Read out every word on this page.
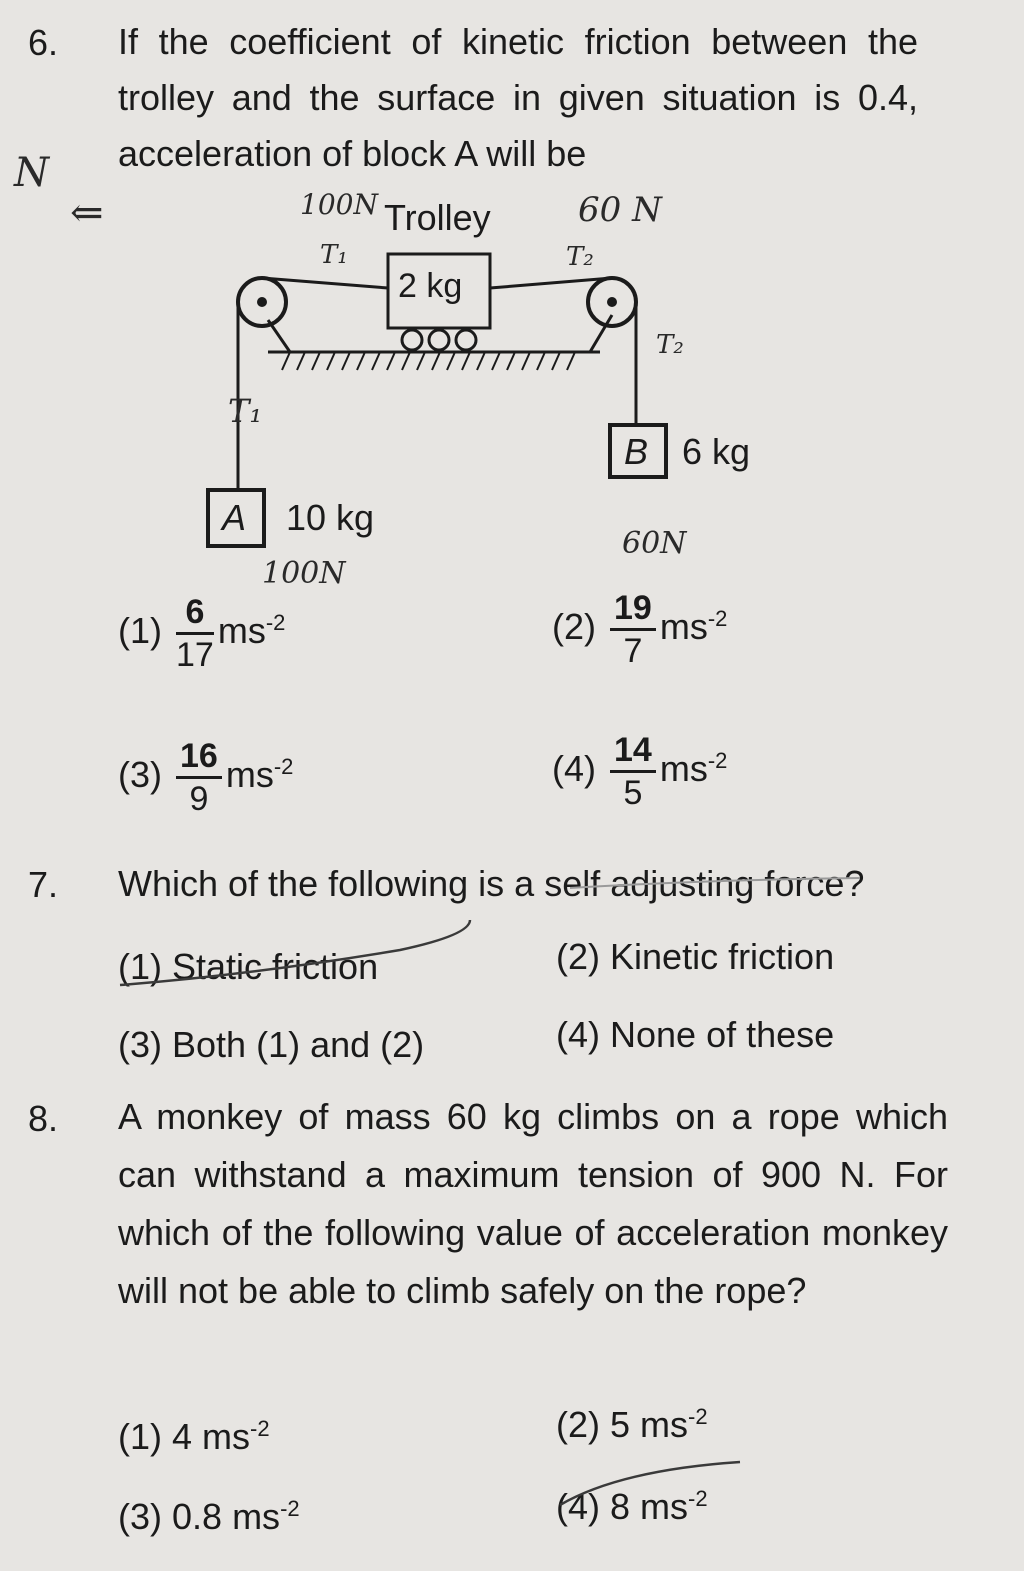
6. If the coefficient of kinetic friction between the trolley and the surface in given situation is 0.4, acceleration of block A will be
N
⇐	Trolley
2 kg
A 10 kg
B 6 kg
100N	60 N
T₁	T₂
T₂
T₁
100N
60N
$(1) \frac{6}{17} ms^{-2}$	$(2) \frac{19}{7} ms^{-2}$
$(3) \frac{16}{9} ms^{-2}$	$(4) \frac{14}{5} ms^{-2}$
7. Which of the following is a self adjusting force?
(1) Static friction	(2) Kinetic friction
(3) Both (1) and (2)	(4) None of these
8. A monkey of mass 60 kg climbs on a rope which can withstand a maximum tension of 900 N. For which of the following value of acceleration monkey will not be able to climb safely on the rope?
(1) 4 $ms^{-2}$	(2) 5 $ms^{-2}$
(3) 0.8 $ms^{-2}$	(4) 8 $ms^{-2}$
